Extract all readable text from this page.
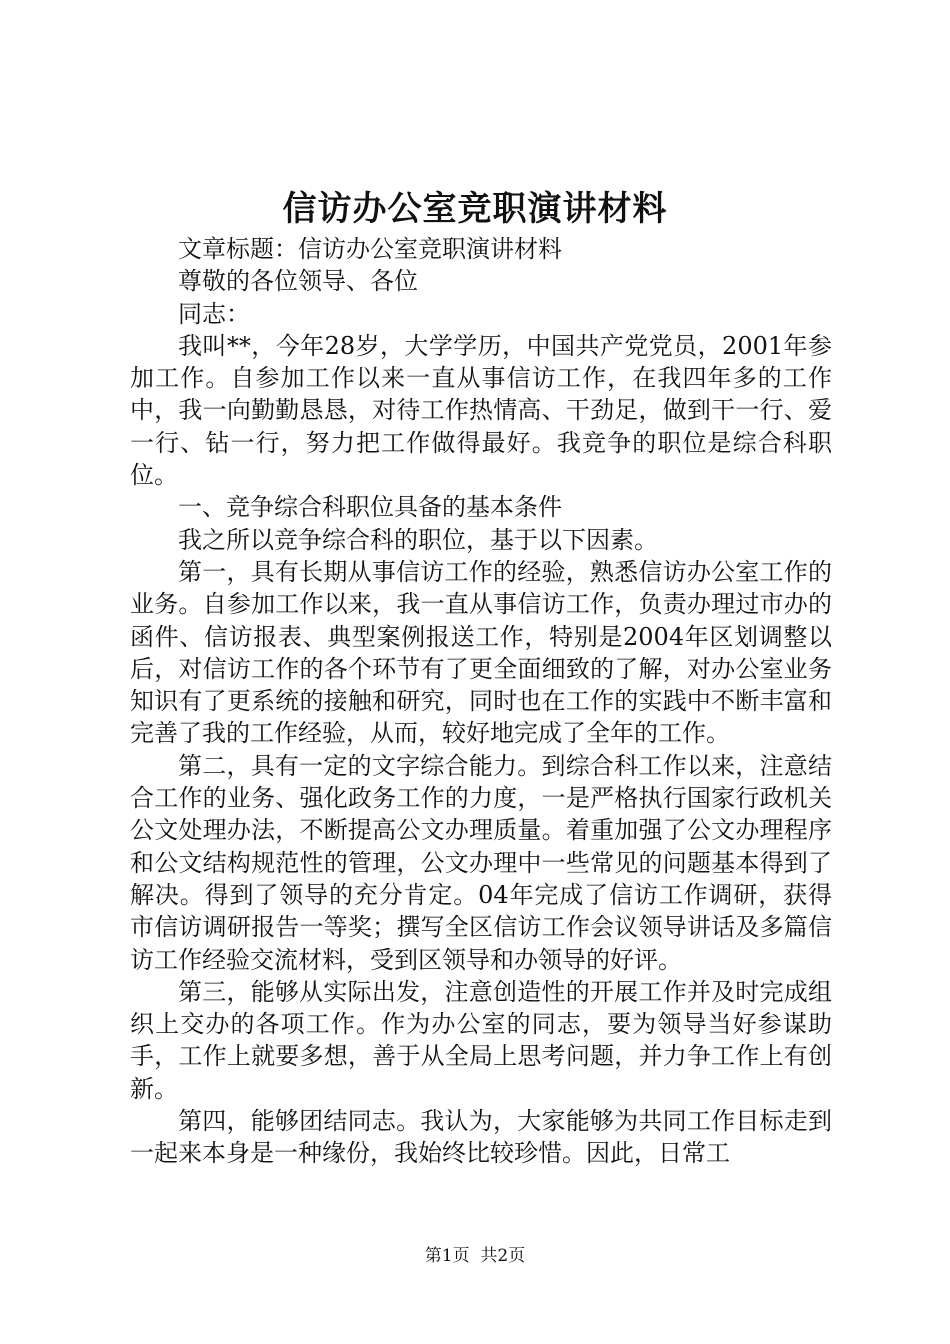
信访办公室竞职演讲材料

文章标题：信访办公室竞职演讲材料

尊敬的各位领导、各位

同志：

我叫**，今年28岁，大学学历，中国共产党党员，2001年参加工作。自参加工作以来一直从事信访工作，在我四年多的工作中，我一向勤勤恳恳，对待工作热情高、干劲足，做到干一行、爱一行、钻一行，努力把工作做得最好。我竞争的职位是综合科职位。

一、竞争综合科职位具备的基本条件

我之所以竞争综合科的职位，基于以下因素。

第一，具有长期从事信访工作的经验，熟悉信访办公室工作的业务。自参加工作以来，我一直从事信访工作，负责办理过市办的函件、信访报表、典型案例报送工作，特别是2004年区划调整以后，对信访工作的各个环节有了更全面细致的了解，对办公室业务知识有了更系统的接触和研究，同时也在工作的实践中不断丰富和完善了我的工作经验，从而，较好地完成了全年的工作。

第二，具有一定的文字综合能力。到综合科工作以来，注意结合工作的业务、强化政务工作的力度，一是严格执行国家行政机关公文处理办法，不断提高公文办理质量。着重加强了公文办理程序和公文结构规范性的管理，公文办理中一些常见的问题基本得到了解决。得到了领导的充分肯定。04年完成了信访工作调研，获得市信访调研报告一等奖；撰写全区信访工作会议领导讲话及多篇信访工作经验交流材料，受到区领导和办领导的好评。

第三，能够从实际出发，注意创造性的开展工作并及时完成组织上交办的各项工作。作为办公室的同志，要为领导当好参谋助手，工作上就要多想，善于从全局上思考问题，并力争工作上有创新。

第四，能够团结同志。我认为，大家能够为共同工作目标走到一起来本身是一种缘份，我始终比较珍惜。因此，日常工

第1页 共2页
